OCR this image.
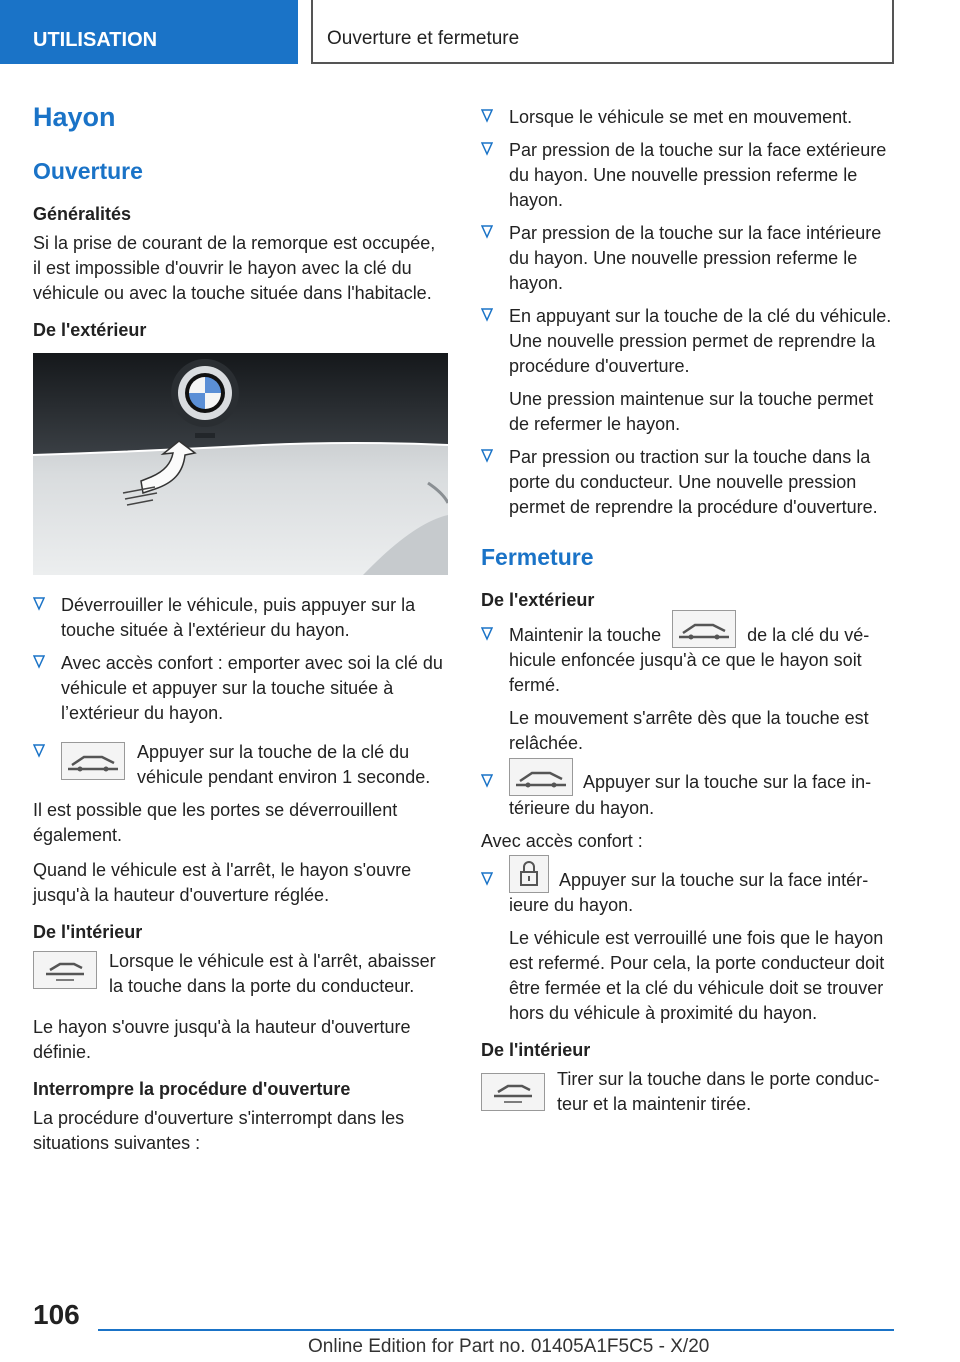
UTILISATION	Ouverture et fermeture
Hayon
Ouverture
Généralités

Si la prise de courant de la remorque est occupée, il est impossible d'ouvrir le hayon avec la clé du véhicule ou avec la touche située dans l'habitacle.

De l'extérieur
Déverrouiller le véhicule, puis appuyer sur la touche située à l'extérieur du hayon.
Avec accès confort : emporter avec soi la clé du véhicule et appuyer sur la touche située à l’extérieur du hayon.
Appuyer sur la touche de la clé du véhicule pendant environ 1 seconde.

Il est possible que les portes se déverrouillent également.

Quand le véhicule est à l'arrêt, le hayon s'ouvre jusqu'à la hauteur d'ouverture réglée.

De l'intérieur

Lorsque le véhicule est à l'arrêt, abaisser la touche dans la porte du conducteur.

Le hayon s'ouvre jusqu'à la hauteur d'ouverture définie.

Interrompre la procédure d'ouverture

La procédure d'ouverture s'interrompt dans les situations suivantes :

Lorsque le véhicule se met en mouvement.
Par pression de la touche sur la face extérieure du hayon. Une nouvelle pression referme le hayon.
Par pression de la touche sur la face intérieure du hayon. Une nouvelle pression referme le hayon.
En appuyant sur la touche de la clé du véhicule. Une nouvelle pression permet de reprendre la procédure d'ouverture.
Une pression maintenue sur la touche permet de refermer le hayon.
Par pression ou traction sur la touche dans la porte du conducteur. Une nouvelle pression permet de reprendre la procédure d'ouverture.
Fermeture
De l'extérieur
Maintenir la touche	de la clé du véhicule enfoncée jusqu'à ce que le hayon soit fermé.
Le mouvement s'arrête dès que la touche est relâchée.
Appuyer sur la touche sur la face intérieure du hayon.

Avec accès confort :

Appuyer sur la touche sur la face intérieure du hayon.
Le véhicule est verrouillé une fois que le hayon est refermé. Pour cela, la porte conducteur doit être fermée et la clé du véhicule doit se trouver hors du véhicule à proximité du hayon.
De l'intérieur

Tirer sur la touche dans le porte conducteur et la maintenir tirée.

106
Online Edition for Part no. 01405A1F5C5 - X/20
